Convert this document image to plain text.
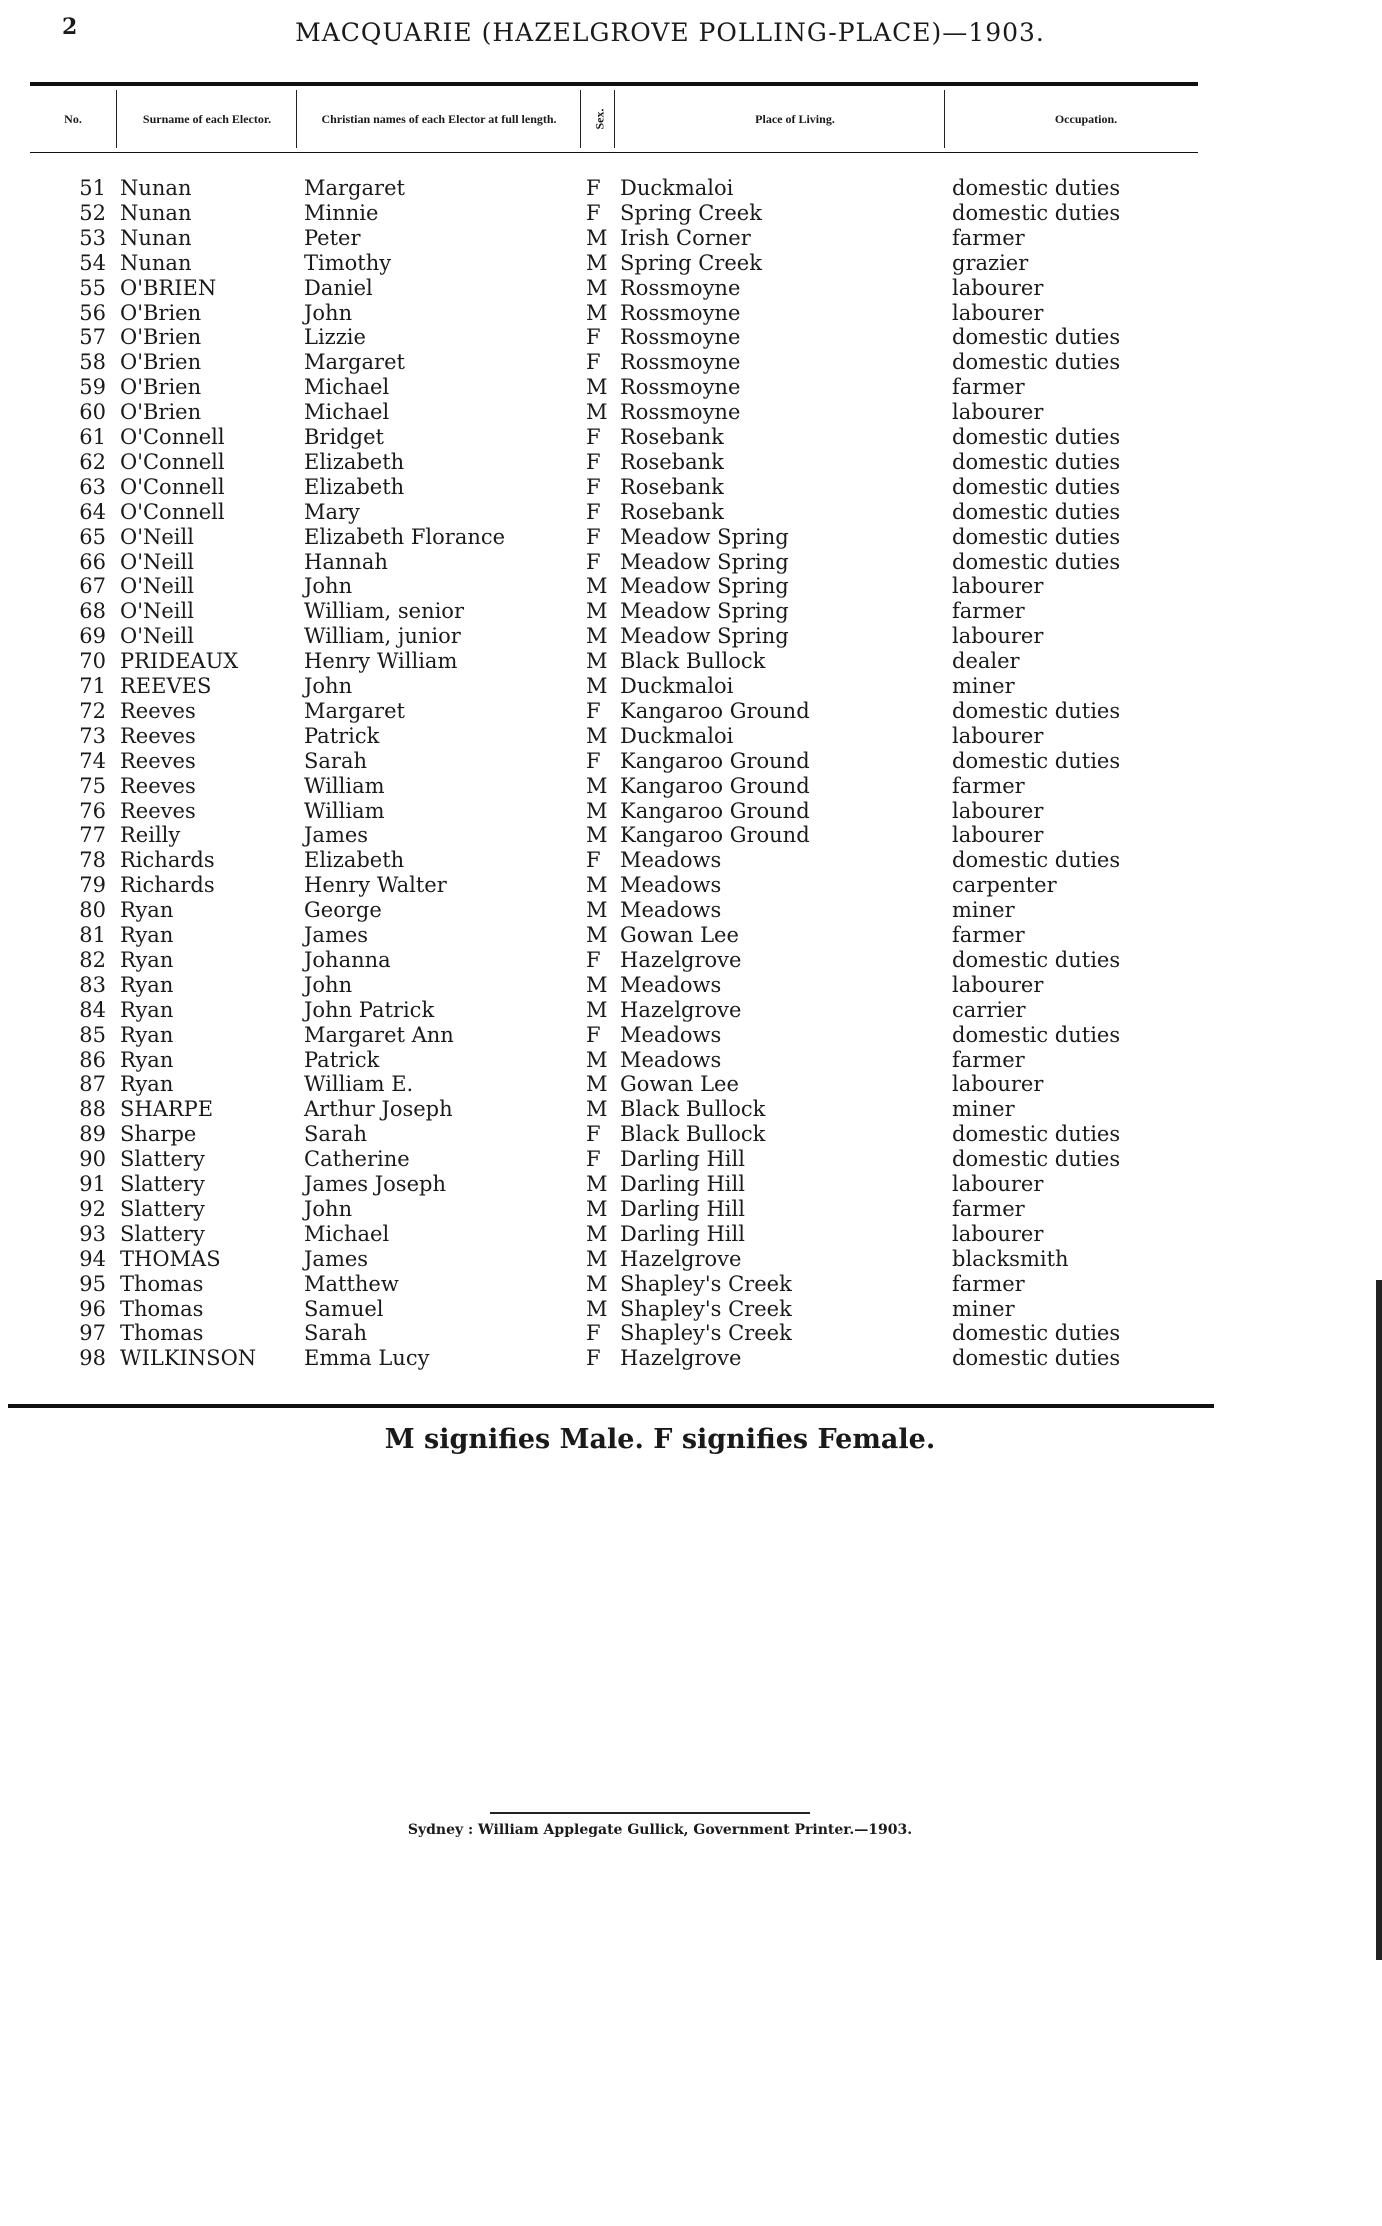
2	MACQUARIE (HAZELGROVE POLLING-PLACE)—1903.
No.	Surname of each Elector.	Christian names of each Elector at full length.	Sex.	Place of Living.	Occupation.
51 Nunan	Margaret	F Duckmaloi	domestic duties
52 Nunan	Minnie	F Spring Creek	domestic duties
53 Nunan	Peter	M Irish Corner	farmer
54 Nunan	Timothy	M Spring Creek	grazier
55 O'BRIEN	Daniel	M Rossmoyne	labourer
56 O'Brien	John	M Rossmoyne	labourer
57 O'Brien	Lizzie	F Rossmoyne	domestic duties
58 O'Brien	Margaret	F Rossmoyne	domestic duties
59 O'Brien	Michael	M Rossmoyne	farmer
60 O'Brien	Michael	M Rossmoyne	labourer
61 O'Connell	Bridget	F Rosebank	domestic duties
62 O'Connell	Elizabeth	F Rosebank	domestic duties
63 O'Connell	Elizabeth	F Rosebank	domestic duties
64 O'Connell	Mary	F Rosebank	domestic duties
65 O'Neill	Elizabeth Florance	F Meadow Spring	domestic duties
66 O'Neill	Hannah	F Meadow Spring	domestic duties
67 O'Neill	John	M Meadow Spring	labourer
68 O'Neill	William, senior	M Meadow Spring	farmer
69 O'Neill	William, junior	M Meadow Spring	labourer
70 PRIDEAUX	Henry William	M Black Bullock	dealer
71 REEVES	John	M Duckmaloi	miner
72 Reeves	Margaret	F Kangaroo Ground	domestic duties
73 Reeves	Patrick	M Duckmaloi	labourer
74 Reeves	Sarah	F Kangaroo Ground	domestic duties
75 Reeves	William	M Kangaroo Ground	farmer
76 Reeves	William	M Kangaroo Ground	labourer
77 Reilly	James	M Kangaroo Ground	labourer
78 Richards	Elizabeth	F Meadows	domestic duties
79 Richards	Henry Walter	M Meadows	carpenter
80 Ryan	George	M Meadows	miner
81 Ryan	James	M Gowan Lee	farmer
82 Ryan	Johanna	F Hazelgrove	domestic duties
83 Ryan	John	M Meadows	labourer
84 Ryan	John Patrick	M Hazelgrove	carrier
85 Ryan	Margaret Ann	F Meadows	domestic duties
86 Ryan	Patrick	M Meadows	farmer
87 Ryan	William E.	M Gowan Lee	labourer
88 SHARPE	Arthur Joseph	M Black Bullock	miner
89 Sharpe	Sarah	F Black Bullock	domestic duties
90 Slattery	Catherine	F Darling Hill	domestic duties
91 Slattery	James Joseph	M Darling Hill	labourer
92 Slattery	John	M Darling Hill	farmer
93 Slattery	Michael	M Darling Hill	labourer
94 THOMAS	James	M Hazelgrove	blacksmith
95 Thomas	Matthew	M Shapley's Creek	farmer
96 Thomas	Samuel	M Shapley's Creek	miner
97 Thomas	Sarah	F Shapley's Creek	domestic duties
98 WILKINSON Emma Lucy	F Hazelgrove	domestic duties
M signifies Male. F signifies Female.
Sydney : William Applegate Gullick, Government Printer.—1903.
